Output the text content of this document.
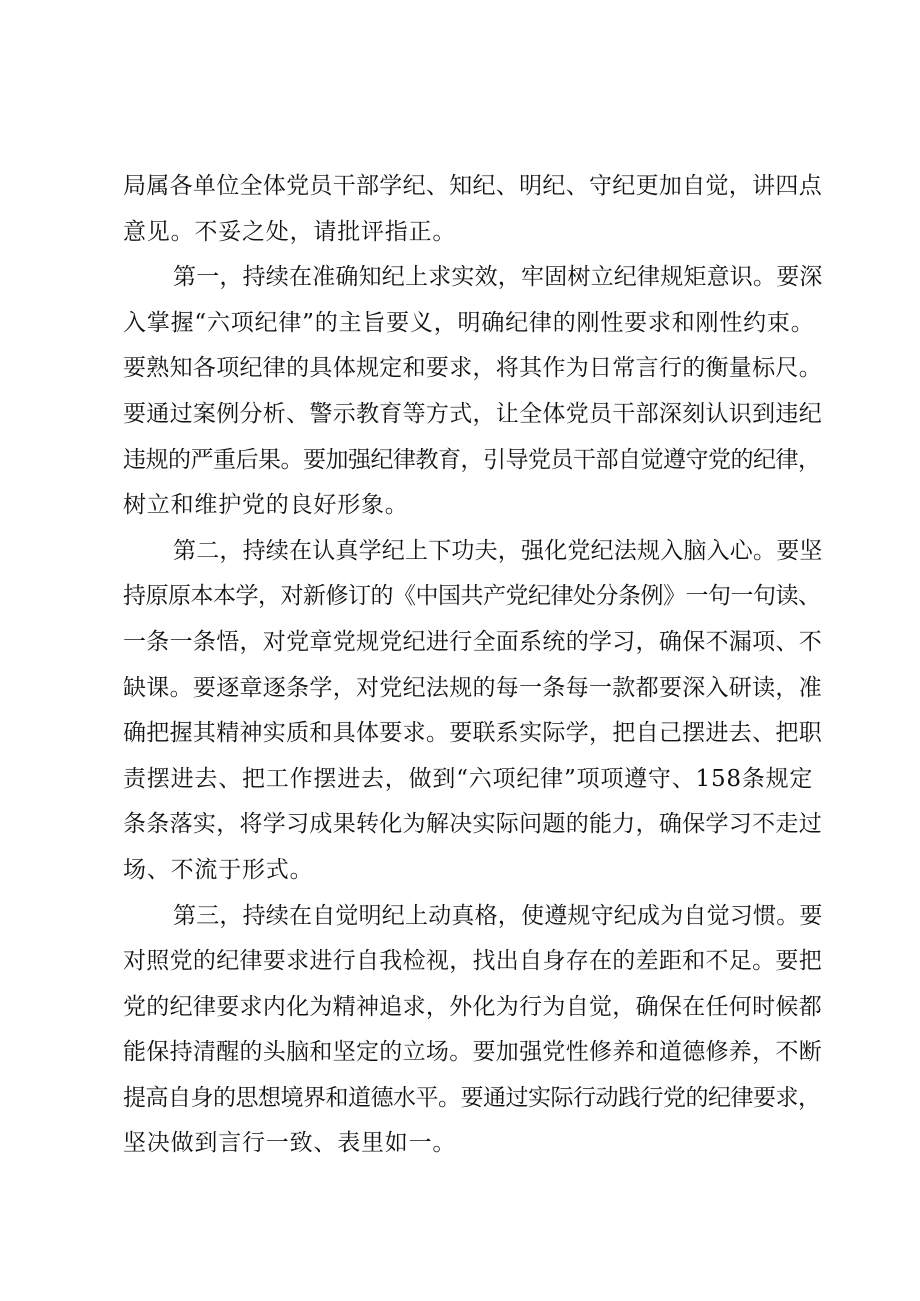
局属各单位全体党员干部学纪、知纪、明纪、守纪更加自觉，讲四点
意见。不妥之处，请批评指正。
第一，持续在准确知纪上求实效，牢固树立纪律规矩意识。要深
入掌握“六项纪律”的主旨要义，明确纪律的刚性要求和刚性约束。
要熟知各项纪律的具体规定和要求，将其作为日常言行的衡量标尺。
要通过案例分析、警示教育等方式，让全体党员干部深刻认识到违纪
违规的严重后果。要加强纪律教育，引导党员干部自觉遵守党的纪律，
树立和维护党的良好形象。
第二，持续在认真学纪上下功夫，强化党纪法规入脑入心。要坚
持原原本本学，对新修订的《中国共产党纪律处分条例》一句一句读、
一条一条悟，对党章党规党纪进行全面系统的学习，确保不漏项、不
缺课。要逐章逐条学，对党纪法规的每一条每一款都要深入研读，准
确把握其精神实质和具体要求。要联系实际学，把自己摆进去、把职
责摆进去、把工作摆进去，做到“六项纪律”项项遵守、158条规定
条条落实，将学习成果转化为解决实际问题的能力，确保学习不走过
场、不流于形式。
第三，持续在自觉明纪上动真格，使遵规守纪成为自觉习惯。要
对照党的纪律要求进行自我检视，找出自身存在的差距和不足。要把
党的纪律要求内化为精神追求，外化为行为自觉，确保在任何时候都
能保持清醒的头脑和坚定的立场。要加强党性修养和道德修养，不断
提高自身的思想境界和道德水平。要通过实际行动践行党的纪律要求，
坚决做到言行一致、表里如一。
